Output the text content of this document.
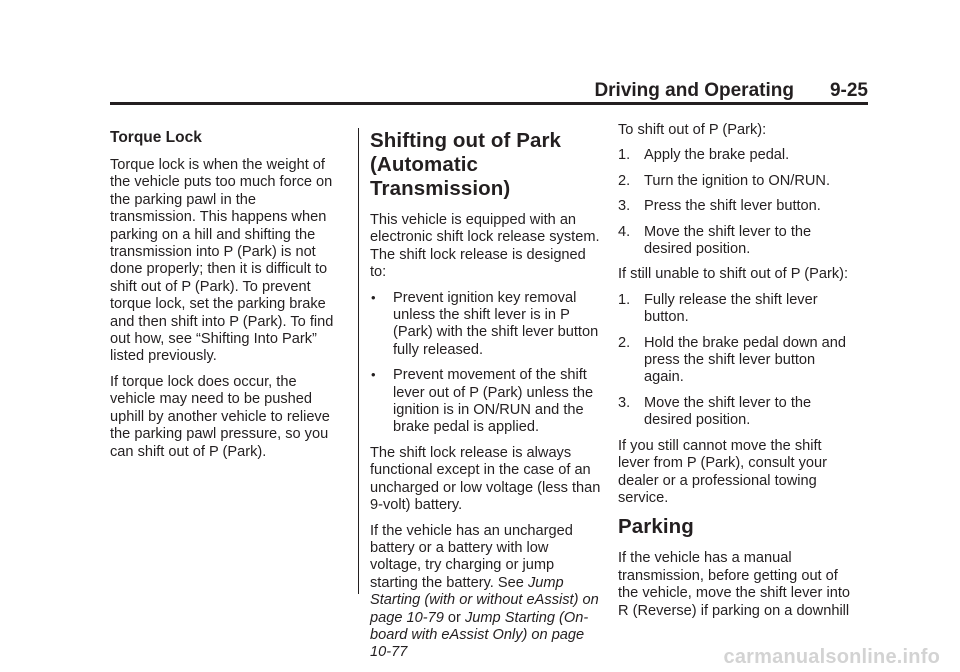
Driving and Operating 9-25
Torque Lock

Torque lock is when the weight of the vehicle puts too much force on the parking pawl in the transmission. This happens when parking on a hill and shifting the transmission into P (Park) is not done properly; then it is difficult to shift out of P (Park). To prevent torque lock, set the parking brake and then shift into P (Park). To find out how, see “Shifting Into Park” listed previously.

If torque lock does occur, the vehicle may need to be pushed uphill by another vehicle to relieve the parking pawl pressure, so you can shift out of P (Park).

Shifting out of Park (Automatic Transmission)

This vehicle is equipped with an electronic shift lock release system. The shift lock release is designed to:

• Prevent ignition key removal unless the shift lever is in P (Park) with the shift lever button fully released.
• Prevent movement of the shift lever out of P (Park) unless the ignition is in ON/RUN and the brake pedal is applied.

The shift lock release is always functional except in the case of an uncharged or low voltage (less than 9-volt) battery.

If the vehicle has an uncharged battery or a battery with low voltage, try charging or jump starting the battery. See Jump Starting (with or without eAssist) on page 10-79 or Jump Starting (On-board with eAssist Only) on page 10-77

To shift out of P (Park):

1. Apply the brake pedal.
2. Turn the ignition to ON/RUN.
3. Press the shift lever button.
4. Move the shift lever to the desired position.

If still unable to shift out of P (Park):

1. Fully release the shift lever button.
2. Hold the brake pedal down and press the shift lever button again.
3. Move the shift lever to the desired position.

If you still cannot move the shift lever from P (Park), consult your dealer or a professional towing service.

Parking

If the vehicle has a manual transmission, before getting out of the vehicle, move the shift lever into R (Reverse) if parking on a downhill

carmanualsonline.info
